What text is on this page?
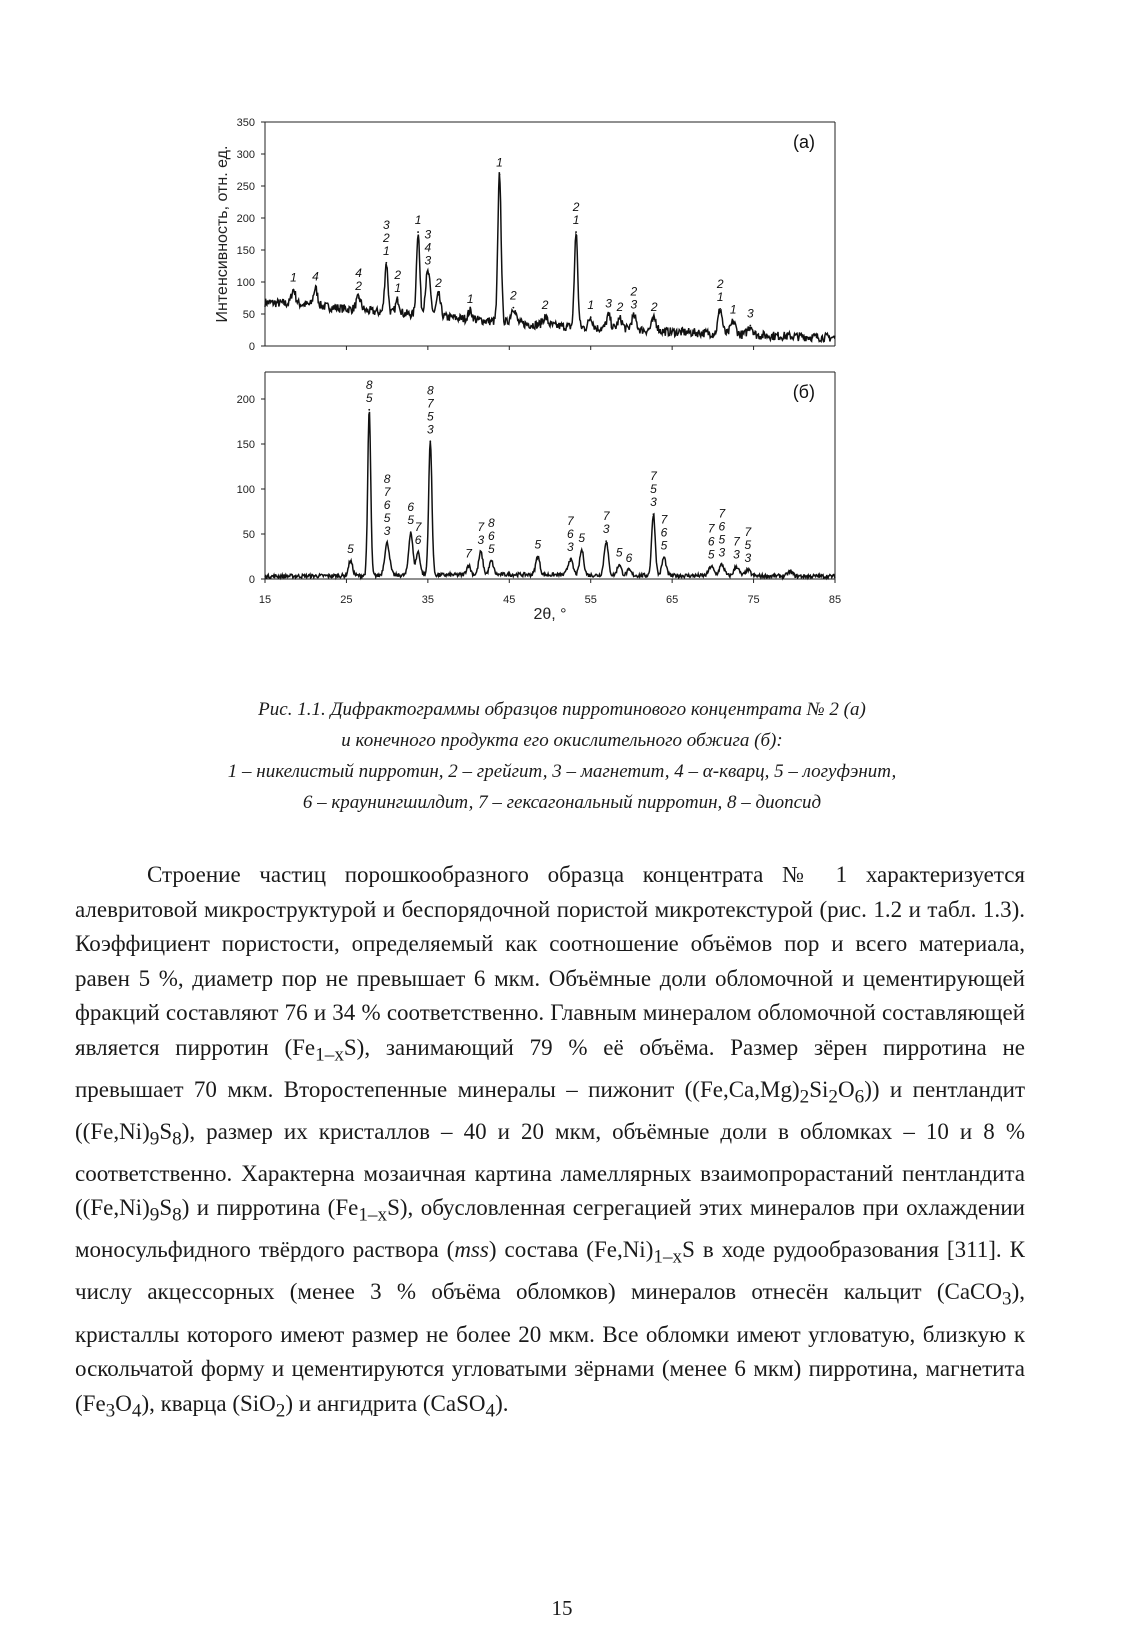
0
50
100
150
200
250
300
350
1 4	4
2
3
2
1
2
1
1
3
4
3
2
1
1
2
2
2
1
1 3 2
2
3 2
2
1
1 3
(а)
0
50
100
150
200
15	25	35	45	55	65	75	85
5
8
5
8
7
6
5
3
6
5 7
6
8
7
5
3
7
7
3
8
6
5	5
7
6
3
5
7
3
5 6
7
5
3
7
6
5
7
6
5
7
6
5
3
7
3
7
5
3
(б)
Интенсивность, отн. ед.
2θ, °
Рис. 1.1. Дифрактограммы образцов пирротинового концентрата № 2 (а)
и конечного продукта его окислительного обжига (б):
1 – никелистый пирротин, 2 – грейгит, 3 – магнетит, 4 – α-кварц, 5 – логуфэнит,
6 – краунингшилдит, 7 – гексагональный пирротин, 8 – диопсид

Строение частиц порошкообразного образца концентрата № 1 характеризуется алевритовой микроструктурой и беспорядочной пористой микротекстурой (рис. 1.2 и табл. 1.3). Коэффициент пористости, определяемый как соотношение объёмов пор и всего материала, равен 5 %, диаметр пор не превышает 6 мкм. Объёмные доли обломочной и цементирующей фракций составляют 76 и 34 % соответственно. Главным минералом обломочной составляющей является пирротин $(Fe_{1-x}S)$, занимающий 79 % её объёма. Размер зёрен пирротина не превышает 70 мкм. Второстепенные минералы – пижонит $((Fe,Ca,Mg)_2Si_2O_6)$) и пентландит $((Fe,Ni)_9S_8)$, размер их кристаллов – 40 и 20 мкм, объёмные доли в обломках – 10 и 8 % соответственно. Характерна мозаичная картина ламеллярных взаимопрорастаний пентландита $((Fe,Ni)_9S_8)$ и пирротина $(Fe_{1-x}S)$, обусловленная сегрегацией этих минералов при охлаждении моносульфидного твёрдого раствора (mss) состава $(Fe,Ni)_{1-x}S$ в ходе рудообразования [311]. К числу акцессорных (менее 3 % объёма обломков) минералов отнесён кальцит (CaCO$_3$), кристаллы которого имеют размер не более 20 мкм. Все обломки имеют угловатую, близкую к оскольчатой форму и цементируются угловатыми зёрнами (менее 6 мкм) пирротина, магнетита $(Fe_3O_4)$, кварца (SiO$_2$) и ангидрита (CaSO$_4$).

15
